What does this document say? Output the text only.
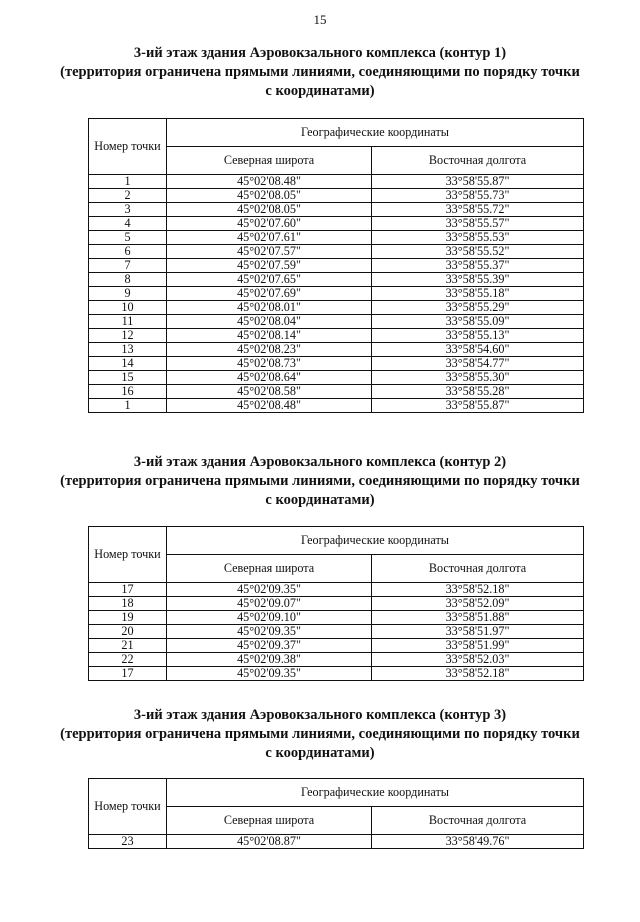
15
3-ий этаж здания Аэровокзального комплекса (контур 1)
(территория ограничена прямыми линиями, соединяющими по порядку точки
с координатами)
Номер точки	Географические координаты	
	Северная широта	Восточная долгота
1	45°02'08.48"	33°58'55.87"
2	45°02'08.05"	33°58'55.73"
3	45°02'08.05"	33°58'55.72"
4	45°02'07.60"	33°58'55.57"
5	45°02'07.61"	33°58'55.53"
6	45°02'07.57"	33°58'55.52"
7	45°02'07.59"	33°58'55.37"
8	45°02'07.65"	33°58'55.39"
9	45°02'07.69"	33°58'55.18"
10	45°02'08.01"	33°58'55.29"
11	45°02'08.04"	33°58'55.09"
12	45°02'08.14"	33°58'55.13"
13	45°02'08.23"	33°58'54.60"
14	45°02'08.73"	33°58'54.77"
15	45°02'08.64"	33°58'55.30"
16	45°02'08.58"	33°58'55.28"
1	45°02'08.48"	33°58'55.87"
3-ий этаж здания Аэровокзального комплекса (контур 2)
(территория ограничена прямыми линиями, соединяющими по порядку точки
с координатами)
Номер точки	Географические координаты	
	Северная широта	Восточная долгота
17	45°02'09.35"	33°58'52.18"
18	45°02'09.07"	33°58'52.09"
19	45°02'09.10"	33°58'51.88"
20	45°02'09.35"	33°58'51.97"
21	45°02'09.37"	33°58'51.99"
22	45°02'09.38"	33°58'52.03"
17	45°02'09.35"	33°58'52.18"
3-ий этаж здания Аэровокзального комплекса (контур 3)
(территория ограничена прямыми линиями, соединяющими по порядку точки
с координатами)
Номер точки	Географические координаты	
	Северная широта	Восточная долгота
23	45°02'08.87"	33°58'49.76"
